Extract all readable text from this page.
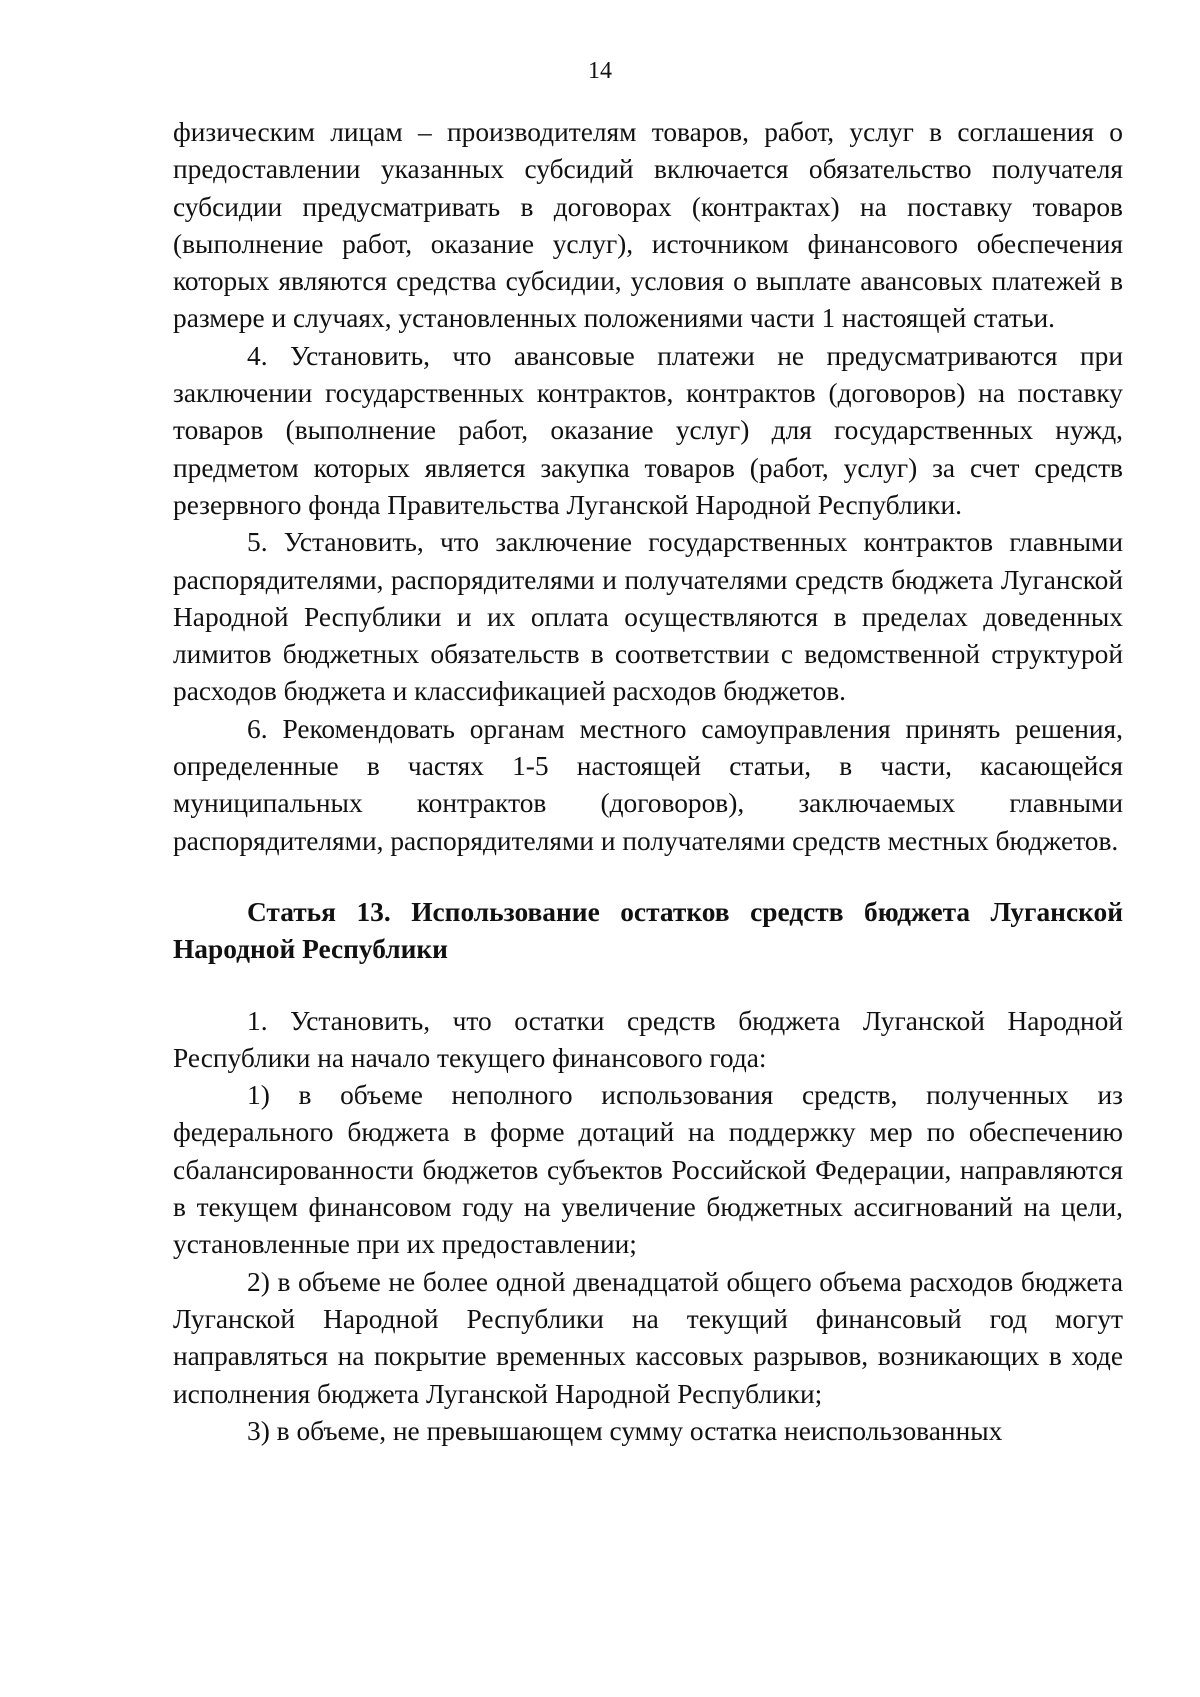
14

физическим лицам – производителям товаров, работ, услуг в соглашения о предоставлении указанных субсидий включается обязательство получателя субсидии предусматривать в договорах (контрактах) на поставку товаров (выполнение работ, оказание услуг), источником финансового обеспечения которых являются средства субсидии, условия о выплате авансовых платежей в размере и случаях, установленных положениями части 1 настоящей статьи.

4. Установить, что авансовые платежи не предусматриваются при заключении государственных контрактов, контрактов (договоров) на поставку товаров (выполнение работ, оказание услуг) для государственных нужд, предметом которых является закупка товаров (работ, услуг) за счет средств резервного фонда Правительства Луганской Народной Республики.

5. Установить, что заключение государственных контрактов главными распорядителями, распорядителями и получателями средств бюджета Луганской Народной Республики и их оплата осуществляются в пределах доведенных лимитов бюджетных обязательств в соответствии с ведомственной структурой расходов бюджета и классификацией расходов бюджетов.

6. Рекомендовать органам местного самоуправления принять решения, определенные в частях 1-5 настоящей статьи, в части, касающейся муниципальных контрактов (договоров), заключаемых главными распорядителями, распорядителями и получателями средств местных бюджетов.

Статья 13. Использование остатков средств бюджета Луганской Народной Республики

1. Установить, что остатки средств бюджета Луганской Народной Республики на начало текущего финансового года:

1) в объеме неполного использования средств, полученных из федерального бюджета в форме дотаций на поддержку мер по обеспечению сбалансированности бюджетов субъектов Российской Федерации, направляются в текущем финансовом году на увеличение бюджетных ассигнований на цели, установленные при их предоставлении;

2) в объеме не более одной двенадцатой общего объема расходов бюджета Луганской Народной Республики на текущий финансовый год могут направляться на покрытие временных кассовых разрывов, возникающих в ходе исполнения бюджета Луганской Народной Республики;

3) в объеме, не превышающем сумму остатка неиспользованных
